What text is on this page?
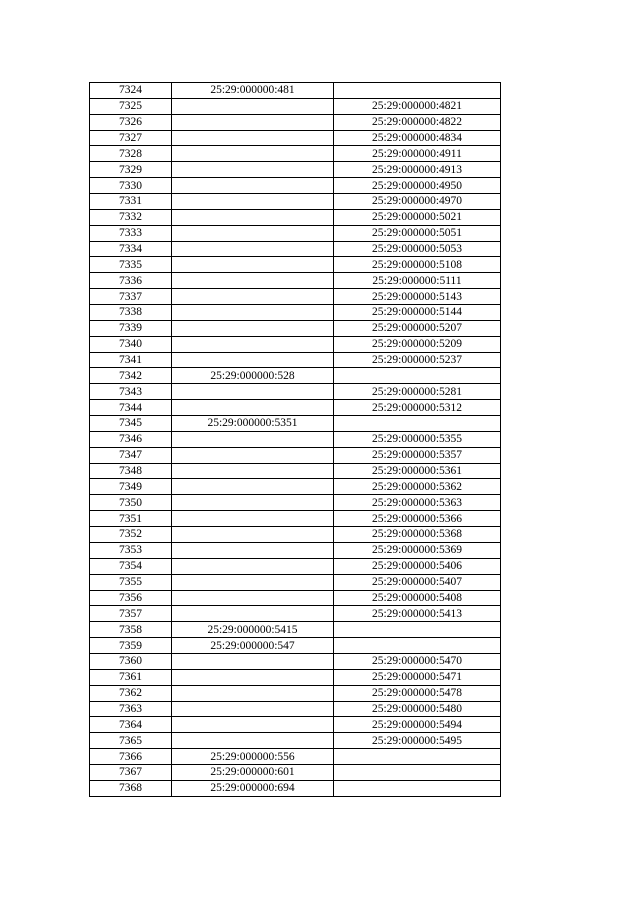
7324	25:29:000000:481	
7325		25:29:000000:4821
7326		25:29:000000:4822
7327		25:29:000000:4834
7328		25:29:000000:4911
7329		25:29:000000:4913
7330		25:29:000000:4950
7331		25:29:000000:4970
7332		25:29:000000:5021
7333		25:29:000000:5051
7334		25:29:000000:5053
7335		25:29:000000:5108
7336		25:29:000000:5111
7337		25:29:000000:5143
7338		25:29:000000:5144
7339		25:29:000000:5207
7340		25:29:000000:5209
7341		25:29:000000:5237
7342	25:29:000000:528	
7343		25:29:000000:5281
7344		25:29:000000:5312
7345	25:29:000000:5351	
7346		25:29:000000:5355
7347		25:29:000000:5357
7348		25:29:000000:5361
7349		25:29:000000:5362
7350		25:29:000000:5363
7351		25:29:000000:5366
7352		25:29:000000:5368
7353		25:29:000000:5369
7354		25:29:000000:5406
7355		25:29:000000:5407
7356		25:29:000000:5408
7357		25:29:000000:5413
7358	25:29:000000:5415	
7359	25:29:000000:547	
7360		25:29:000000:5470
7361		25:29:000000:5471
7362		25:29:000000:5478
7363		25:29:000000:5480
7364		25:29:000000:5494
7365		25:29:000000:5495
7366	25:29:000000:556	
7367	25:29:000000:601	
7368	25:29:000000:694	
